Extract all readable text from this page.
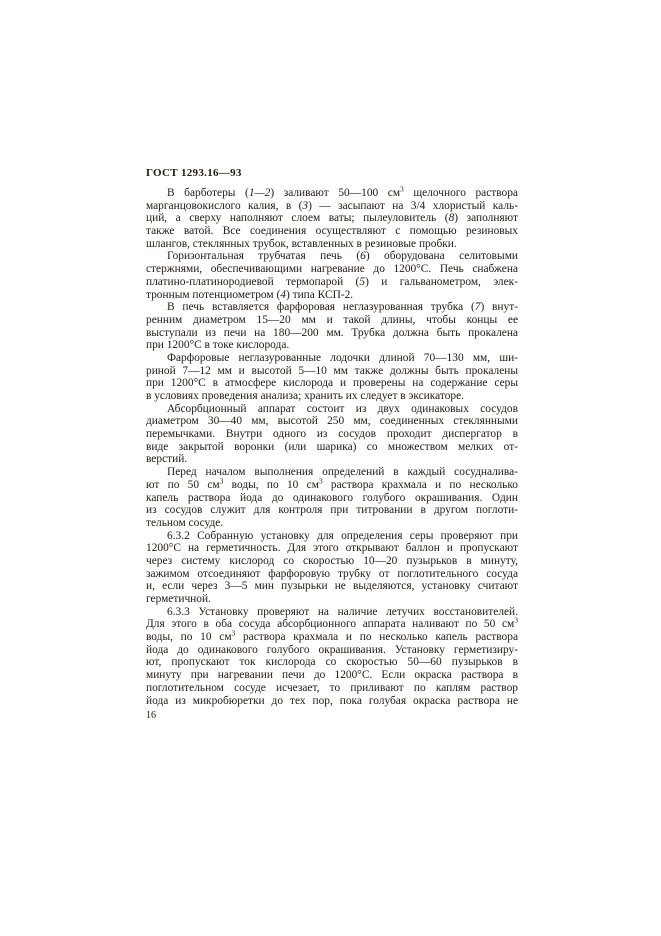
ГОСТ 1293.16—93
В барботеры (1—2) заливают 50—100 $см^3$ щелочного раствора
марганцовокислого калия, в (3) — засыпают на 3/4 хлористый каль-
ций, а сверху наполняют слоем ваты; пылеуловитель (8) заполняют
также ватой. Все соединения осуществляют с помощью резиновых
шлангов, стеклянных трубок, вставленных в резиновые пробки.
Горизонтальная трубчатая печь (6) оборудована селитовыми
стержнями, обеспечивающими нагревание до 1200°С. Печь снабжена
платино-платинородиевой термопарой (5) и гальванометром, элек-
тронным потенциометром (4) типа КСП-2.
В печь вставляется фарфоровая неглазурованная трубка (7) внут-
ренним диаметром 15—20 мм и такой длины, чтобы концы ее
выступали из печи на 180—200 мм. Трубка должна быть прокалена
при 1200°С в токе кислорода.
Фарфоровые неглазурованные лодочки длиной 70—130 мм, ши-
риной 7—12 мм и высотой 5—10 мм также должны быть прокалены
при 1200°С в атмосфере кислорода и проверены на содержание серы
в условиях проведения анализа; хранить их следует в эксикаторе.
Абсорбционный аппарат состоит из двух одинаковых сосудов
диаметром 30—40 мм, высотой 250 мм, соединенных стеклянными
перемычками. Внутри одного из сосудов проходит диспергатор в
виде закрытой воронки (или шарика) со множеством мелких от-
верстий.
Перед началом выполнения определений в каждый сосудналива-
ют по 50 $см^3$ воды, по 10 $см^3$ раствора крахмала и по несколько
капель раствора йода до одинакового голубого окрашивания. Один
из сосудов служит для контроля при титровании в другом поглоти-
тельном сосуде.
6.3.2 Собранную установку для определения серы проверяют при
1200°С на герметичность. Для этого открывают баллон и пропускают
через систему кислород со скоростью 10—20 пузырьков в минуту,
зажимом отсоединяют фарфоровую трубку от поглотительного сосуда
и, если через 3—5 мин пузырьки не выделяются, установку считают
герметичной.
6.3.3 Установку проверяют на наличие летучих восстановителей.
Для этого в оба сосуда абсорбционного аппарата наливают по 50 $см^3$
воды, по 10 $см^3$ раствора крахмала и по несколько капель раствора
йода до одинакового голубого окрашивания. Установку герметизиру-
ют, пропускают ток кислорода со скоростью 50—60 пузырьков в
минуту при нагревании печи до 1200°С. Если окраска раствора в
поглотительном сосуде исчезает, то приливают по каплям раствор
йода из микробюретки до тех пор, пока голубая окраска раствора не
16
